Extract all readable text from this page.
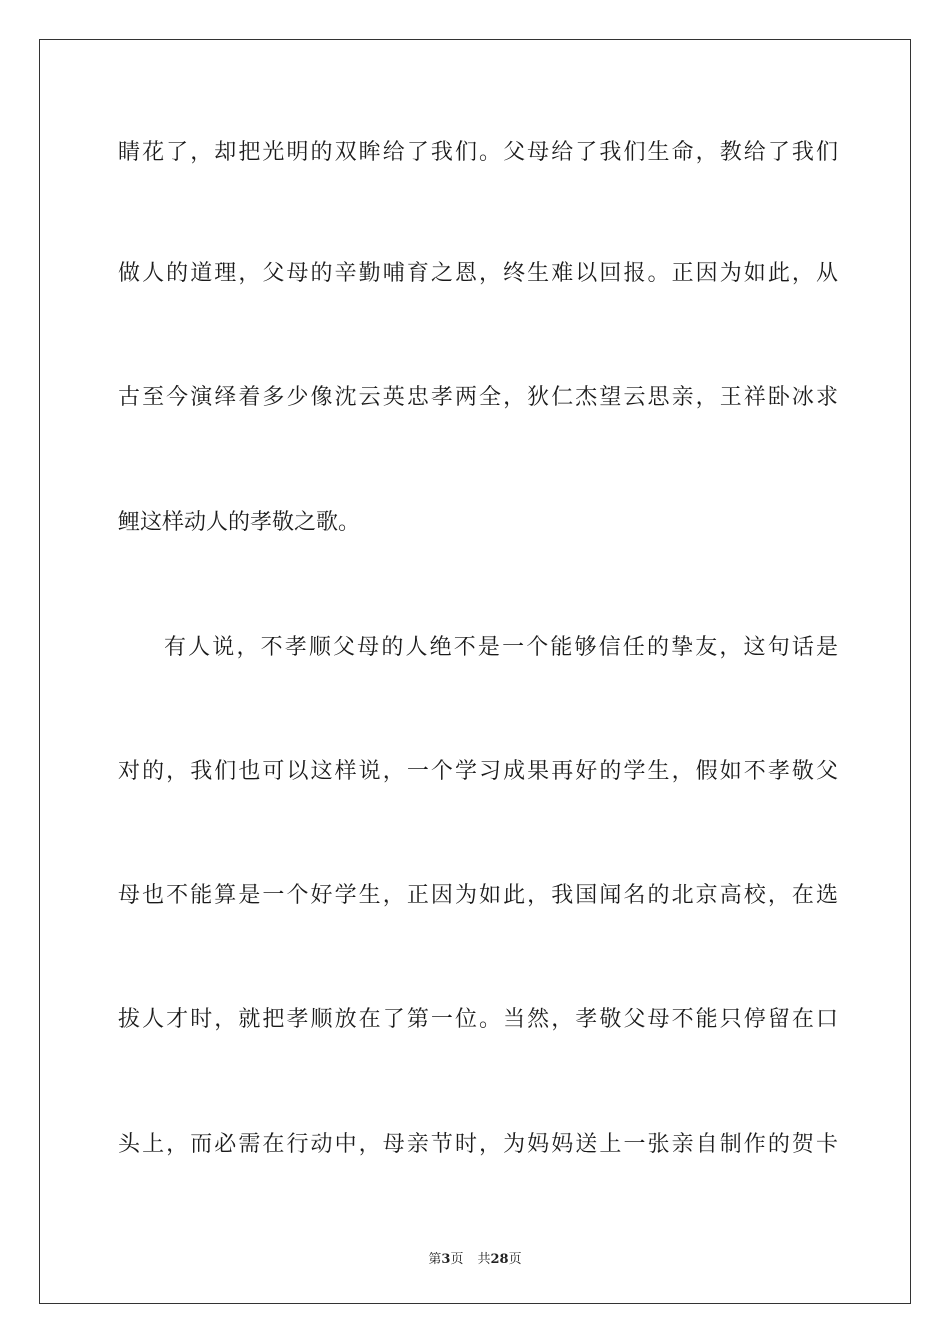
睛花了，却把光明的双眸给了我们。父母给了我们生命，教给了我们
做人的道理，父母的辛勤哺育之恩，终生难以回报。正因为如此，从
古至今演绎着多少像沈云英忠孝两全，狄仁杰望云思亲，王祥卧冰求
鲤这样动人的孝敬之歌。
有人说，不孝顺父母的人绝不是一个能够信任的挚友，这句话是
对的，我们也可以这样说，一个学习成果再好的学生，假如不孝敬父
母也不能算是一个好学生，正因为如此，我国闻名的北京高校，在选
拔人才时，就把孝顺放在了第一位。当然，孝敬父母不能只停留在口
头上，而必需在行动中，母亲节时，为妈妈送上一张亲自制作的贺卡
第3页 共28页
